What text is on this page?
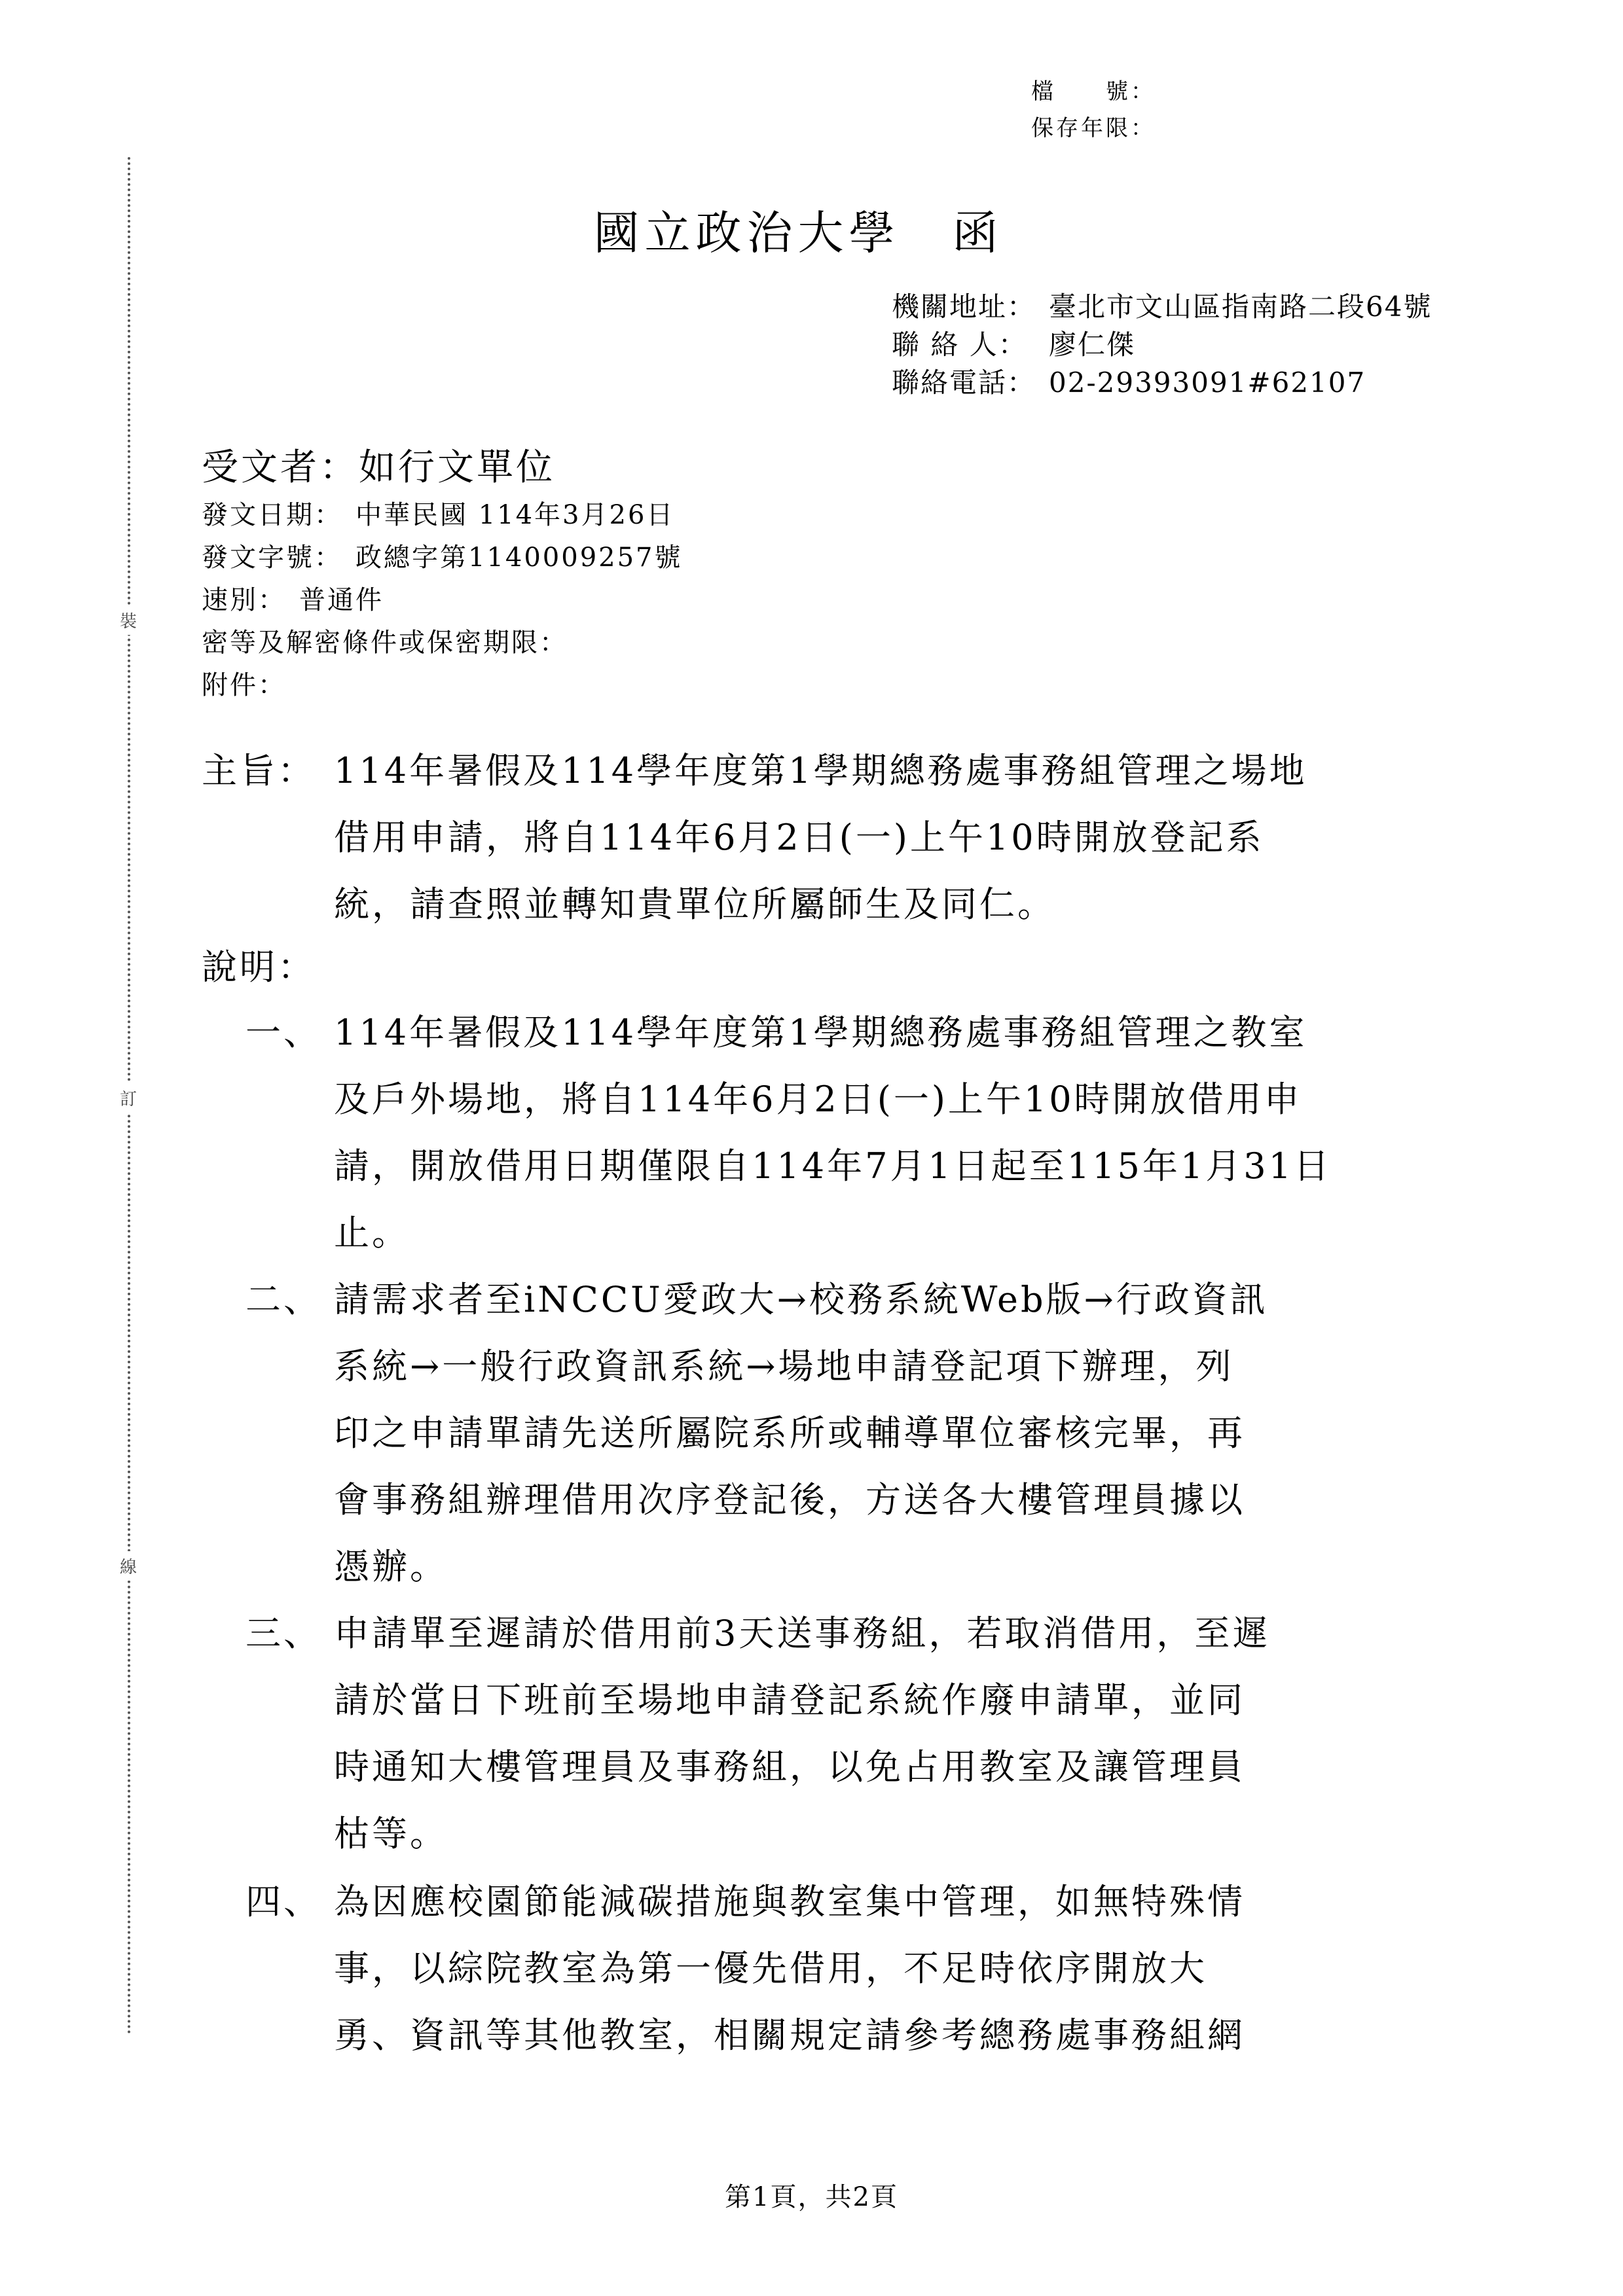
檔　　號：
保存年限：
裝
訂
線
國立政治大學 函
機關地址： 臺北市文山區指南路二段64號
聯 絡 人： 廖仁傑
聯絡電話： 02-29393091#62107
受文者：如行文單位
發文日期： 中華民國 114年3月26日
發文字號： 政總字第1140009257號
速別： 普通件
密等及解密條件或保密期限：
附件：
主旨： 114年暑假及114學年度第1學期總務處事務組管理之場地
借用申請，將自114年6月2日(一)上午10時開放登記系
統，請查照並轉知貴單位所屬師生及同仁。
說明：
一、 114年暑假及114學年度第1學期總務處事務組管理之教室
及戶外場地，將自114年6月2日(一)上午10時開放借用申
請，開放借用日期僅限自114年7月1日起至115年1月31日
止。
二、 請需求者至iNCCU愛政大→校務系統Web版→行政資訊
系統→一般行政資訊系統→場地申請登記項下辦理，列
印之申請單請先送所屬院系所或輔導單位審核完畢，再
會事務組辦理借用次序登記後，方送各大樓管理員據以
憑辦。
三、 申請單至遲請於借用前3天送事務組，若取消借用，至遲
請於當日下班前至場地申請登記系統作廢申請單，並同
時通知大樓管理員及事務組，以免占用教室及讓管理員
枯等。
四、 為因應校園節能減碳措施與教室集中管理，如無特殊情
事，以綜院教室為第一優先借用，不足時依序開放大
勇、資訊等其他教室，相關規定請參考總務處事務組網
第1頁，共2頁
